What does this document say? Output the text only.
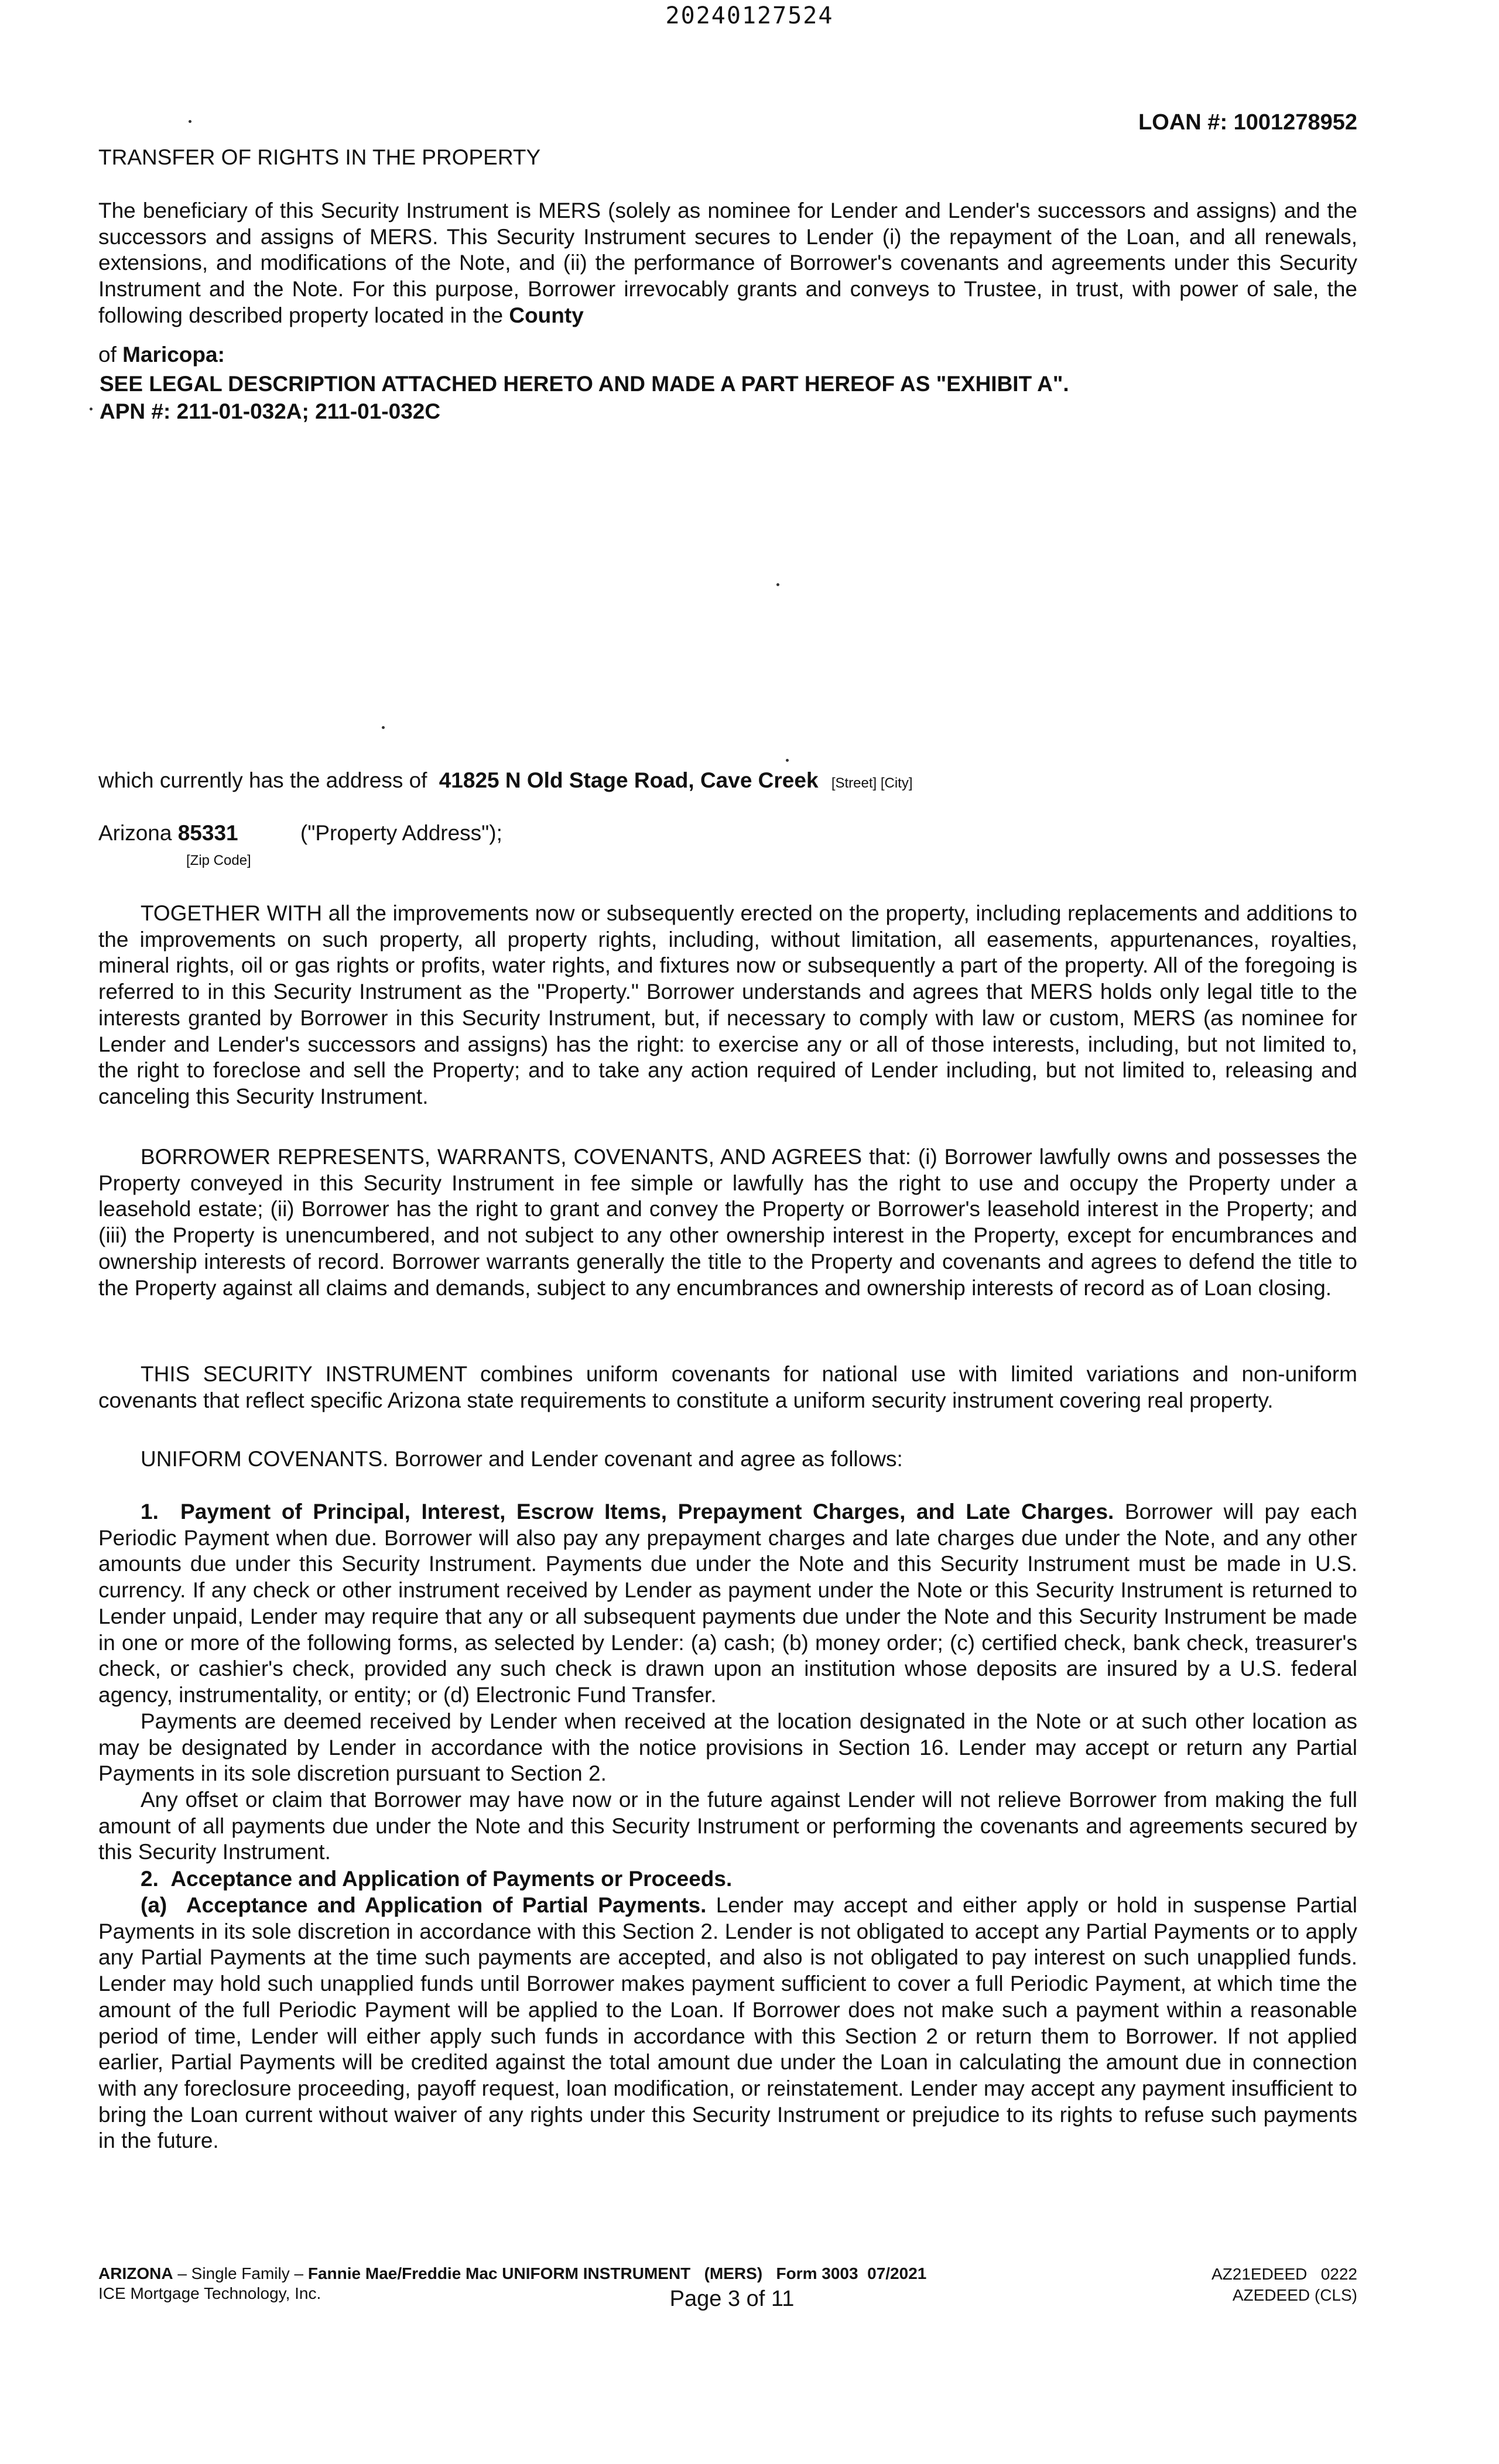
20240127524
LOAN #: 1001278952
TRANSFER OF RIGHTS IN THE PROPERTY
The beneficiary of this Security Instrument is MERS (solely as nominee for Lender and Lender's successors and assigns) and the successors and assigns of MERS. This Security Instrument secures to Lender (i) the repayment of the Loan, and all renewals, extensions, and modifications of the Note, and (ii) the performance of Borrower's covenants and agreements under this Security Instrument and the Note. For this purpose, Borrower irrevocably grants and conveys to Trustee, in trust, with power of sale, the following described property located in the County
of Maricopa:
SEE LEGAL DESCRIPTION ATTACHED HERETO AND MADE A PART HEREOF AS "EXHIBIT A".
APN #: 211-01-032A; 211-01-032C
which currently has the address of 41825 N Old Stage Road, Cave Creek [Street] [City]
Arizona 85331	("Property Address");
[Zip Code]
TOGETHER WITH all the improvements now or subsequently erected on the property, including replacements and additions to the improvements on such property, all property rights, including, without limitation, all easements, appurtenances, royalties, mineral rights, oil or gas rights or profits, water rights, and fixtures now or subsequently a part of the property. All of the foregoing is referred to in this Security Instrument as the "Property." Borrower understands and agrees that MERS holds only legal title to the interests granted by Borrower in this Security Instrument, but, if necessary to comply with law or custom, MERS (as nominee for Lender and Lender's successors and assigns) has the right: to exercise any or all of those interests, including, but not limited to, the right to foreclose and sell the Property; and to take any action required of Lender including, but not limited to, releasing and canceling this Security Instrument.
BORROWER REPRESENTS, WARRANTS, COVENANTS, AND AGREES that: (i) Borrower lawfully owns and possesses the Property conveyed in this Security Instrument in fee simple or lawfully has the right to use and occupy the Property under a leasehold estate; (ii) Borrower has the right to grant and convey the Property or Borrower's leasehold interest in the Property; and (iii) the Property is unencumbered, and not subject to any other ownership interest in the Property, except for encumbrances and ownership interests of record. Borrower warrants generally the title to the Property and covenants and agrees to defend the title to the Property against all claims and demands, subject to any encumbrances and ownership interests of record as of Loan closing.
THIS SECURITY INSTRUMENT combines uniform covenants for national use with limited variations and non-uniform covenants that reflect specific Arizona state requirements to constitute a uniform security instrument covering real property.
UNIFORM COVENANTS. Borrower and Lender covenant and agree as follows:
1.  Payment of Principal, Interest, Escrow Items, Prepayment Charges, and Late Charges. Borrower will pay each Periodic Payment when due. Borrower will also pay any prepayment charges and late charges due under the Note, and any other amounts due under this Security Instrument. Payments due under the Note and this Security Instrument must be made in U.S. currency. If any check or other instrument received by Lender as payment under the Note or this Security Instrument is returned to Lender unpaid, Lender may require that any or all subsequent payments due under the Note and this Security Instrument be made in one or more of the following forms, as selected by Lender: (a) cash; (b) money order; (c) certified check, bank check, treasurer's check, or cashier's check, provided any such check is drawn upon an institution whose deposits are insured by a U.S. federal agency, instrumentality, or entity; or (d) Electronic Fund Transfer.
Payments are deemed received by Lender when received at the location designated in the Note or at such other location as may be designated by Lender in accordance with the notice provisions in Section 16. Lender may accept or return any Partial Payments in its sole discretion pursuant to Section 2.
Any offset or claim that Borrower may have now or in the future against Lender will not relieve Borrower from making the full amount of all payments due under the Note and this Security Instrument or performing the covenants and agreements secured by this Security Instrument.
2.  Acceptance and Application of Payments or Proceeds.
(a)  Acceptance and Application of Partial Payments. Lender may accept and either apply or hold in suspense Partial Payments in its sole discretion in accordance with this Section 2. Lender is not obligated to accept any Partial Payments or to apply any Partial Payments at the time such payments are accepted, and also is not obligated to pay interest on such unapplied funds. Lender may hold such unapplied funds until Borrower makes payment sufficient to cover a full Periodic Payment, at which time the amount of the full Periodic Payment will be applied to the Loan. If Borrower does not make such a payment within a reasonable period of time, Lender will either apply such funds in accordance with this Section 2 or return them to Borrower. If not applied earlier, Partial Payments will be credited against the total amount due under the Loan in calculating the amount due in connection with any foreclosure proceeding, payoff request, loan modification, or reinstatement. Lender may accept any payment insufficient to bring the Loan current without waiver of any rights under this Security Instrument or prejudice to its rights to refuse such payments in the future.
ARIZONA – Single Family – Fannie Mae/Freddie Mac UNIFORM INSTRUMENT   (MERS)   Form 3003  07/2021
ICE Mortgage Technology, Inc.	Page 3 of 11
AZ21EDEED   0222
AZEDEED (CLS)
